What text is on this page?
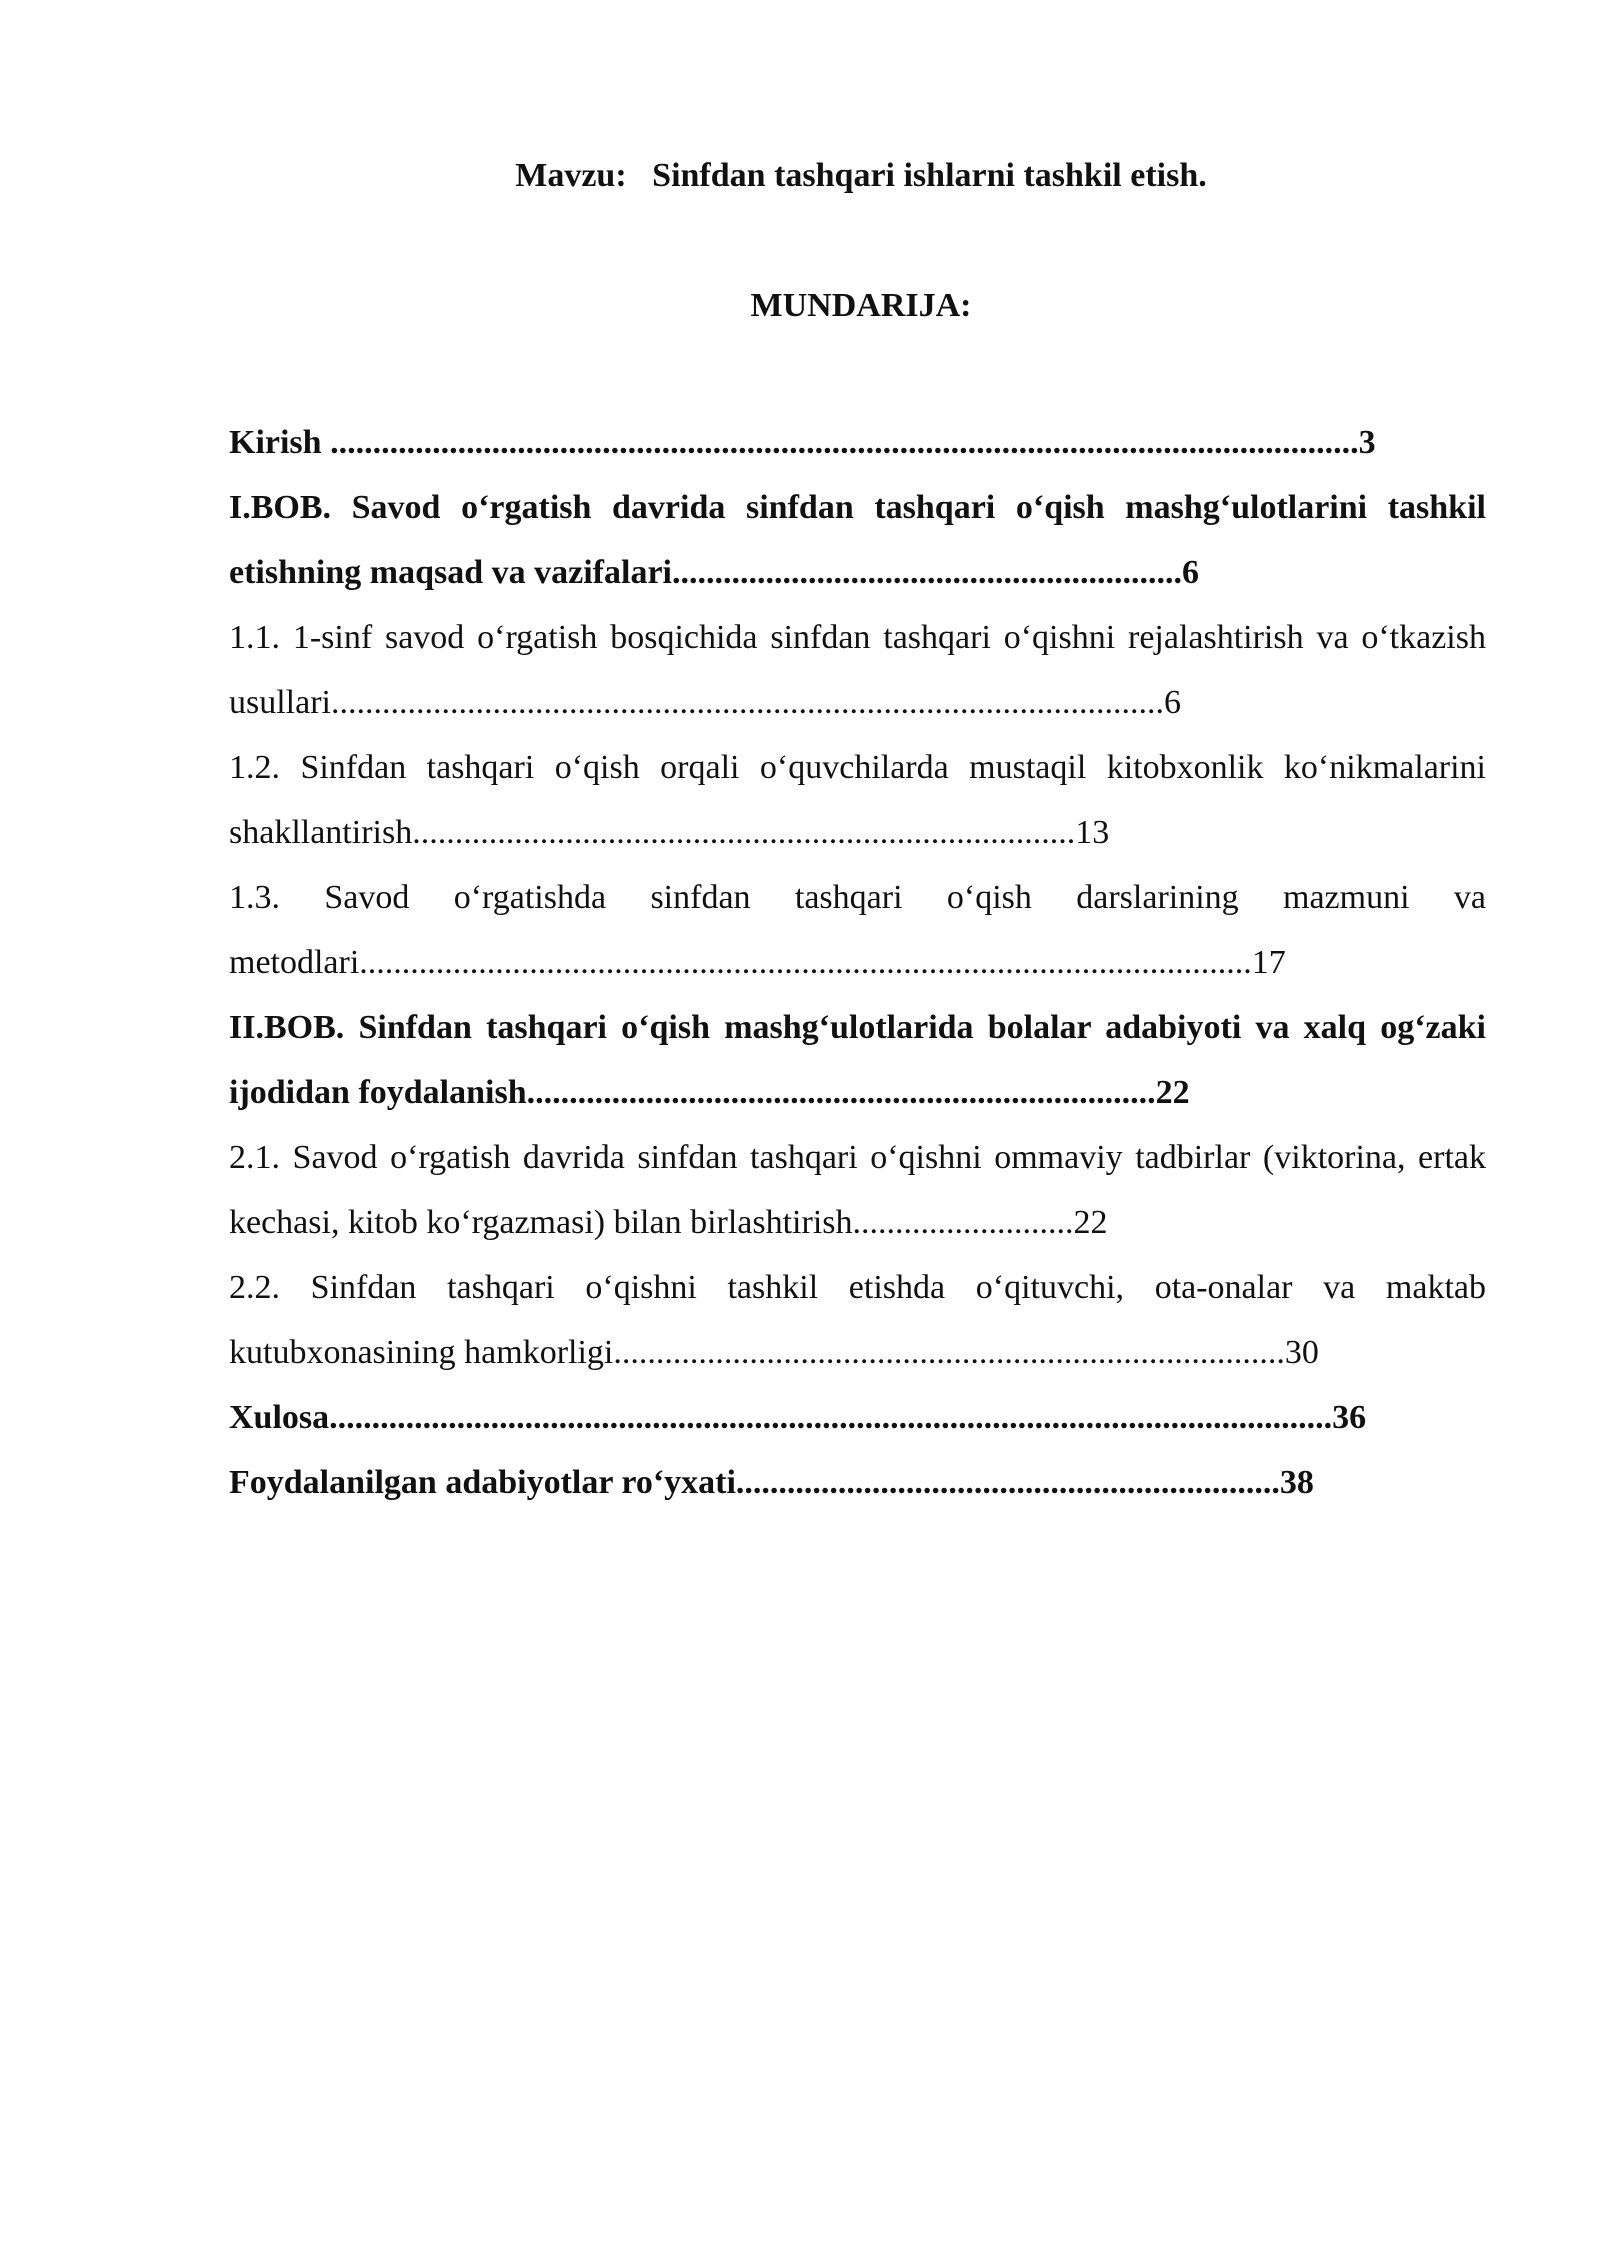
Mavzu:   Sinfdan tashqari ishlarni tashkil etish.
MUNDARIJA:
Kirish .........................................................................................................................3
I.BOB. Savod o‘rgatish davrida sinfdan tashqari o‘qish mashg‘ulotlarini tashkil etishning maqsad va vazifalari............................................................6
1.1. 1-sinf savod o‘rgatish bosqichida sinfdan tashqari o‘qishni rejalashtirish va o‘tkazish usullari..................................................................................................6
1.2. Sinfdan tashqari o‘qish orqali o‘quvchilarda mustaqil kitobxonlik ko‘nikmalarini shakllantirish..............................................................................13
1.3. Savod o‘rgatishda sinfdan tashqari o‘qish darslarining mazmuni va metodlari.........................................................................................................17
II.BOB. Sinfdan tashqari o‘qish mashg‘ulotlarida bolalar adabiyoti va xalq og‘zaki ijodidan foydalanish..........................................................................22
2.1. Savod o‘rgatish davrida sinfdan tashqari o‘qishni ommaviy tadbirlar (viktorina, ertak kechasi, kitob ko‘rgazmasi) bilan birlashtirish..........................22
2.2. Sinfdan tashqari o‘qishni tashkil etishda o‘qituvchi, ota-onalar va maktab kutubxonasining hamkorligi...............................................................................30
Xulosa......................................................................................................................36
Foydalanilgan adabiyotlar ro‘yxati................................................................38
